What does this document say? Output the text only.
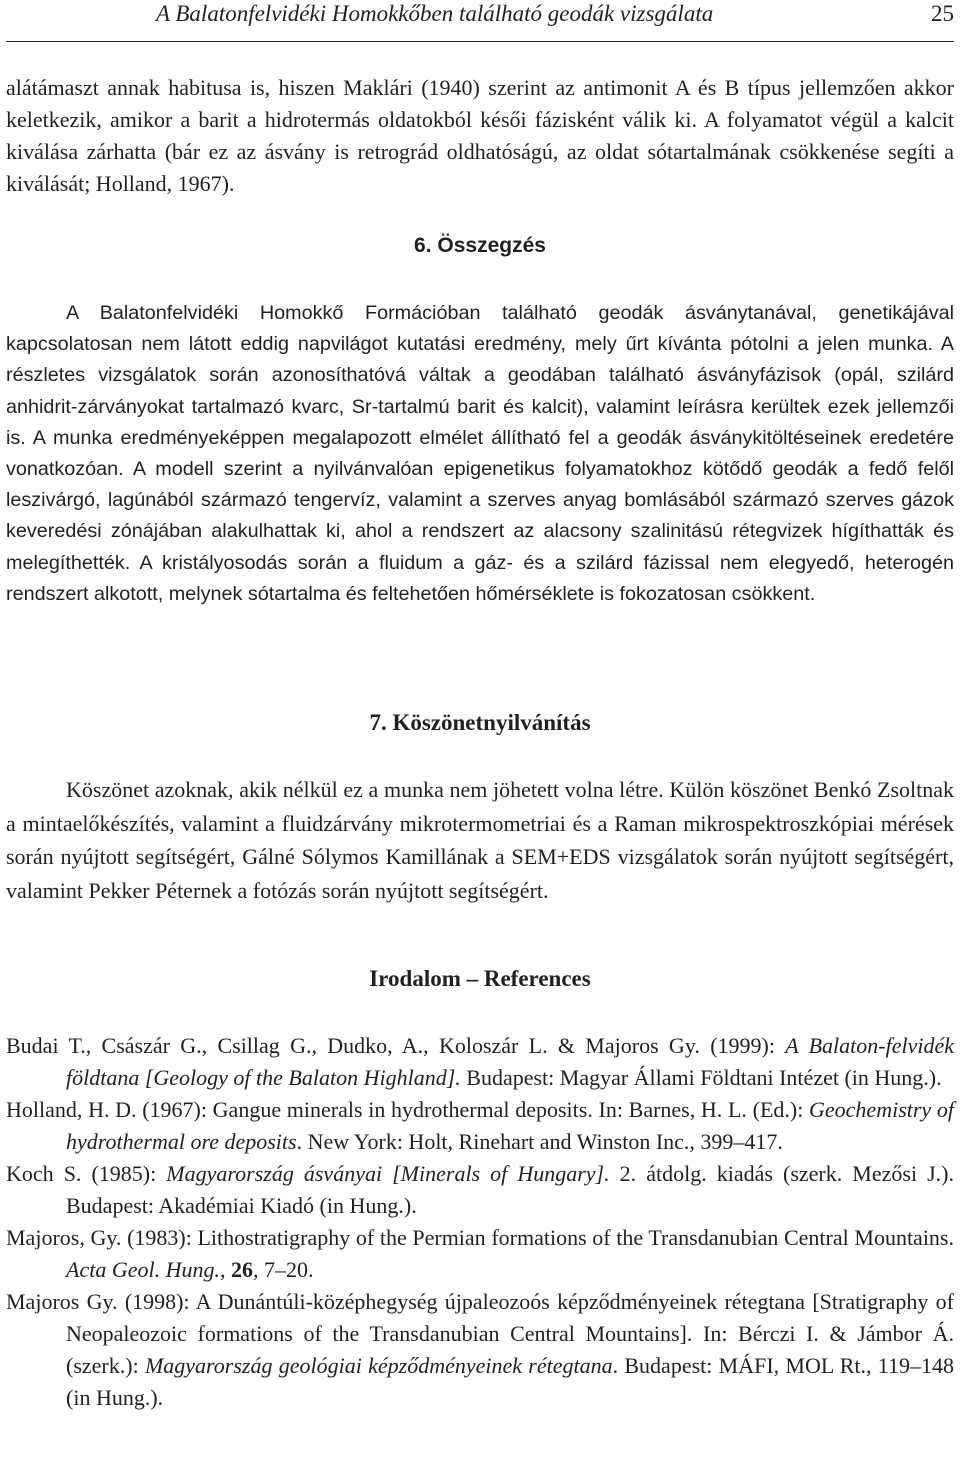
A Balatonfelvidéki Homokkőben található geodák vizsgálata	25

alátámaszt annak habitusa is, hiszen Maklári (1940) szerint az antimonit A és B típus jellemzően akkor keletkezik, amikor a barit a hidrotermás oldatokból késői fázisként válik ki. A folyamatot végül a kalcit kiválása zárhatta (bár ez az ásvány is retrográd oldhatóságú, az oldat sótartalmának csökkenése segíti a kiválását; Holland, 1967).

6. Összegzés

A Balatonfelvidéki Homokkő Formációban található geodák ásványtanával, genetikájával kapcsolatosan nem látott eddig napvilágot kutatási eredmény, mely űrt kívánta pótolni a jelen munka. A részletes vizsgálatok során azonosíthatóvá váltak a geodában található ásványfázisok (opál, szilárd anhidrit-zárványokat tartalmazó kvarc, Sr-tartalmú barit és kalcit), valamint leírásra kerültek ezek jellemzői is. A munka eredményeképpen megalapozott elmélet állítható fel a geodák ásványkitöltéseinek eredetére vonatkozóan. A modell szerint a nyilvánvalóan epigenetikus folyamatokhoz kötődő geodák a fedő felől leszivárgó, lagúnából származó tengervíz, valamint a szerves anyag bomlásából származó szerves gázok keveredési zónájában alakulhattak ki, ahol a rendszert az alacsony szalinitású rétegvizek hígíthatták és melegíthették. A kristályosodás során a fluidum a gáz- és a szilárd fázissal nem elegyedő, heterogén rendszert alkotott, melynek sótartalma és feltehetően hőmérséklete is fokozatosan csökkent.

7. Köszönetnyilvánítás

Köszönet azoknak, akik nélkül ez a munka nem jöhetett volna létre. Külön köszönet Benkó Zsoltnak a mintaelőkészítés, valamint a fluidzárvány mikrotermometriai és a Raman mikrospektroszkópiai mérések során nyújtott segítségért, Gálné Sólymos Kamillának a SEM+EDS vizsgálatok során nyújtott segítségért, valamint Pekker Péternek a fotózás során nyújtott segítségért.

Irodalom – References

Budai T., Császár G., Csillag G., Dudko, A., Koloszár L. & Majoros Gy. (1999): A Balaton-felvidék földtana [Geology of the Balaton Highland]. Budapest: Magyar Állami Földtani Intézet (in Hung.).

Holland, H. D. (1967): Gangue minerals in hydrothermal deposits. In: Barnes, H. L. (Ed.): Geochemistry of hydrothermal ore deposits. New York: Holt, Rinehart and Winston Inc., 399–417.

Koch S. (1985): Magyarország ásványai [Minerals of Hungary]. 2. átdolg. kiadás (szerk. Mezősi J.). Budapest: Akadémiai Kiadó (in Hung.).

Majoros, Gy. (1983): Lithostratigraphy of the Permian formations of the Transdanubian Central Mountains. Acta Geol. Hung., 26, 7–20.

Majoros Gy. (1998): A Dunántúli-középhegység újpaleozoós képződményeinek rétegtana [Stratigraphy of Neopaleozoic formations of the Transdanubian Central Mountains]. In: Bérczi I. & Jámbor Á. (szerk.): Magyarország geológiai képződményeinek rétegtana. Budapest: MÁFI, MOL Rt., 119–148 (in Hung.).
